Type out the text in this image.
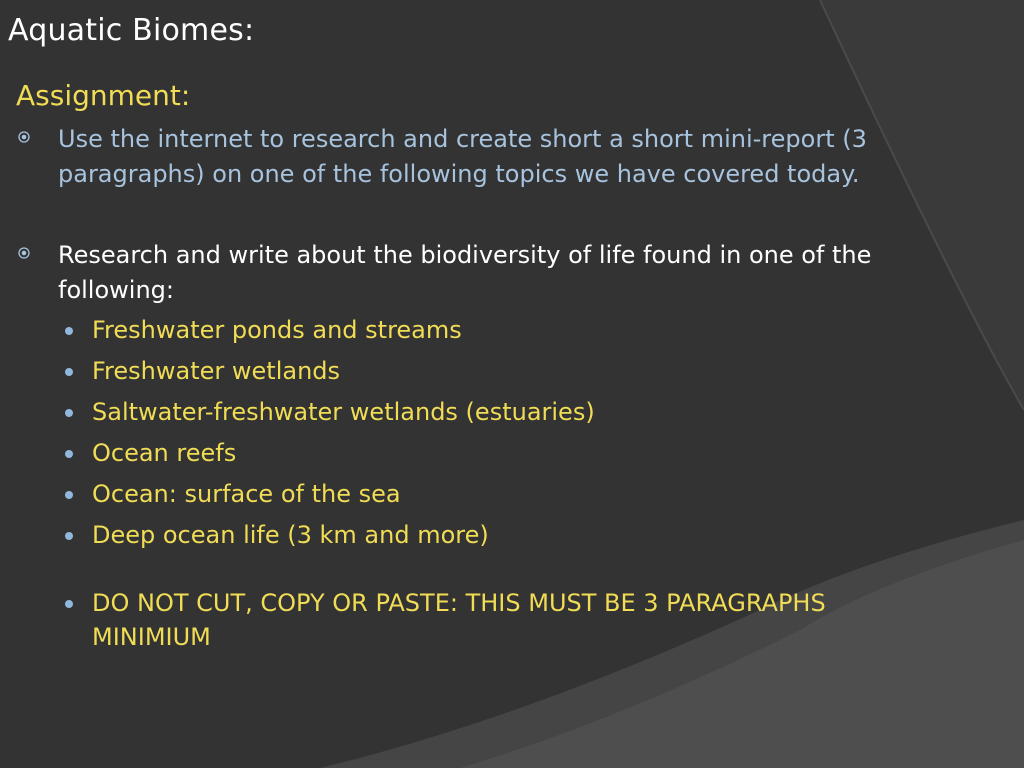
Aquatic Biomes:
Assignment:
Use the internet to research and create short a short mini-report (3 paragraphs) on one of the following topics we have covered today.
Research and write about the biodiversity of life found in one of the following:
Freshwater ponds and streams
Freshwater wetlands
Saltwater-freshwater wetlands (estuaries)
Ocean reefs
Ocean: surface of the sea
Deep ocean life (3 km and more)
DO NOT CUT, COPY OR PASTE: THIS MUST BE 3 PARAGRAPHS MINIMIUM
